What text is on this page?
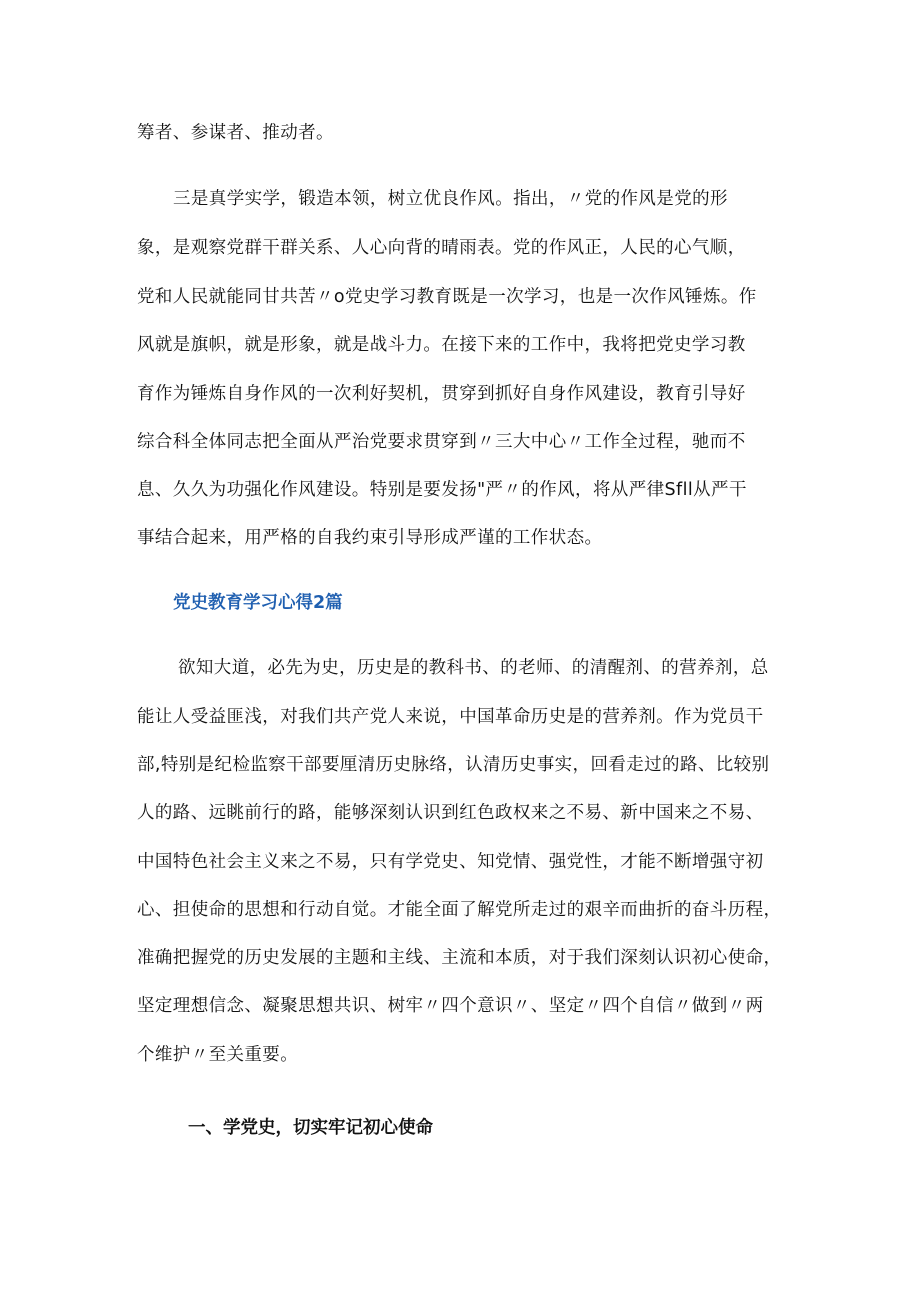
筹者、参谋者、推动者。
三是真学实学，锻造本领，树立优良作风。指出，〃党的作风是党的形
象，是观察党群干群关系、人心向背的晴雨表。党的作风正，人民的心气顺，
党和人民就能同甘共苦〃o党史学习教育既是一次学习，也是一次作风锤炼。作
风就是旗帜，就是形象，就是战斗力。在接下来的工作中，我将把党史学习教
育作为锤炼自身作风的一次利好契机，贯穿到抓好自身作风建设，教育引导好
综合科全体同志把全面从严治党要求贯穿到〃三大中心〃工作全过程，驰而不
息、久久为功强化作风建设。特别是要发扬"严〃的作风，将从严律Sfll从严干
事结合起来，用严格的自我约束引导形成严谨的工作状态。
党史教育学习心得2篇
欲知大道，必先为史，历史是的教科书、的老师、的清醒剂、的营养剂，总
能让人受益匪浅，对我们共产党人来说，中国革命历史是的营养剂。作为党员干
部,特别是纪检监察干部要厘清历史脉络，认清历史事实，回看走过的路、比较别
人的路、远眺前行的路，能够深刻认识到红色政权来之不易、新中国来之不易、
中国特色社会主义来之不易，只有学党史、知党情、强党性，才能不断增强守初
心、担使命的思想和行动自觉。才能全面了解党所走过的艰辛而曲折的奋斗历程，
准确把握党的历史发展的主题和主线、主流和本质，对于我们深刻认识初心使命，
坚定理想信念、凝聚思想共识、树牢〃四个意识〃、坚定〃四个自信〃做到〃两
个维护〃至关重要。
一、学党史，切实牢记初心使命
